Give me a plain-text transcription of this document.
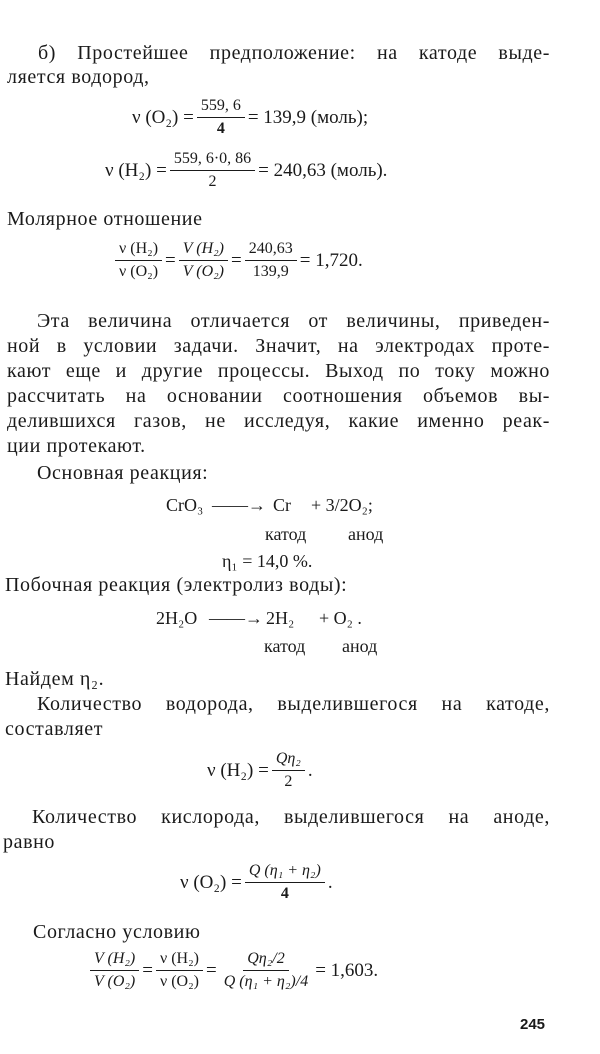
б) Простейшее предположение: на катоде выде-
ляется водород,
ν $(O_2) = \frac{559, 6}{4} = 139,9$ (моль);
ν $(H_2) = \frac{559, 6\cdot 0, 86}{2} = 240,63$ (моль).
Молярное отношение
$\frac{\text{ν (H₂)}}{\text{ν (O₂)}} = \frac{\text{V (H₂)}}{\text{V (O₂)}} = \frac{240,63}{139,9} = 1,720$.
Эта величина отличается от величины, приведен-
ной в условии задачи. Значит, на электродах проте-
кают еще и другие процессы. Выход по току можно
рассчитать на основании соотношения объемов вы-
делившихся газов, не исследуя, какие именно реак-
ции протекают.
Основная реакция:
CrO₃ ——→ Cr + 3/2O₂;
катод анод
η₁ = 14,0 %.
Побочная реакция (электролиз воды):
2H₂O ——→ 2H₂ + O₂ .
катод анод
Найдем η₂.
Количество водорода, выделившегося на катоде,
составляет
ν $(H_2) = \frac{\text{Qη₂}}{2}$ .
Количество кислорода, выделившегося на аноде,
равно
ν $(O_2) = \frac{\text{Q (η₁ + η₂)}}{4}$ .
Согласно условию
$\frac{\text{V (H₂)}}{\text{V (O₂)}} = \frac{\text{ν (H₂)}}{\text{ν (O₂)}} = \frac{\text{Qη₂/2}}{\text{Q (η₁ + η₂)/4}} = 1,603$.
245
